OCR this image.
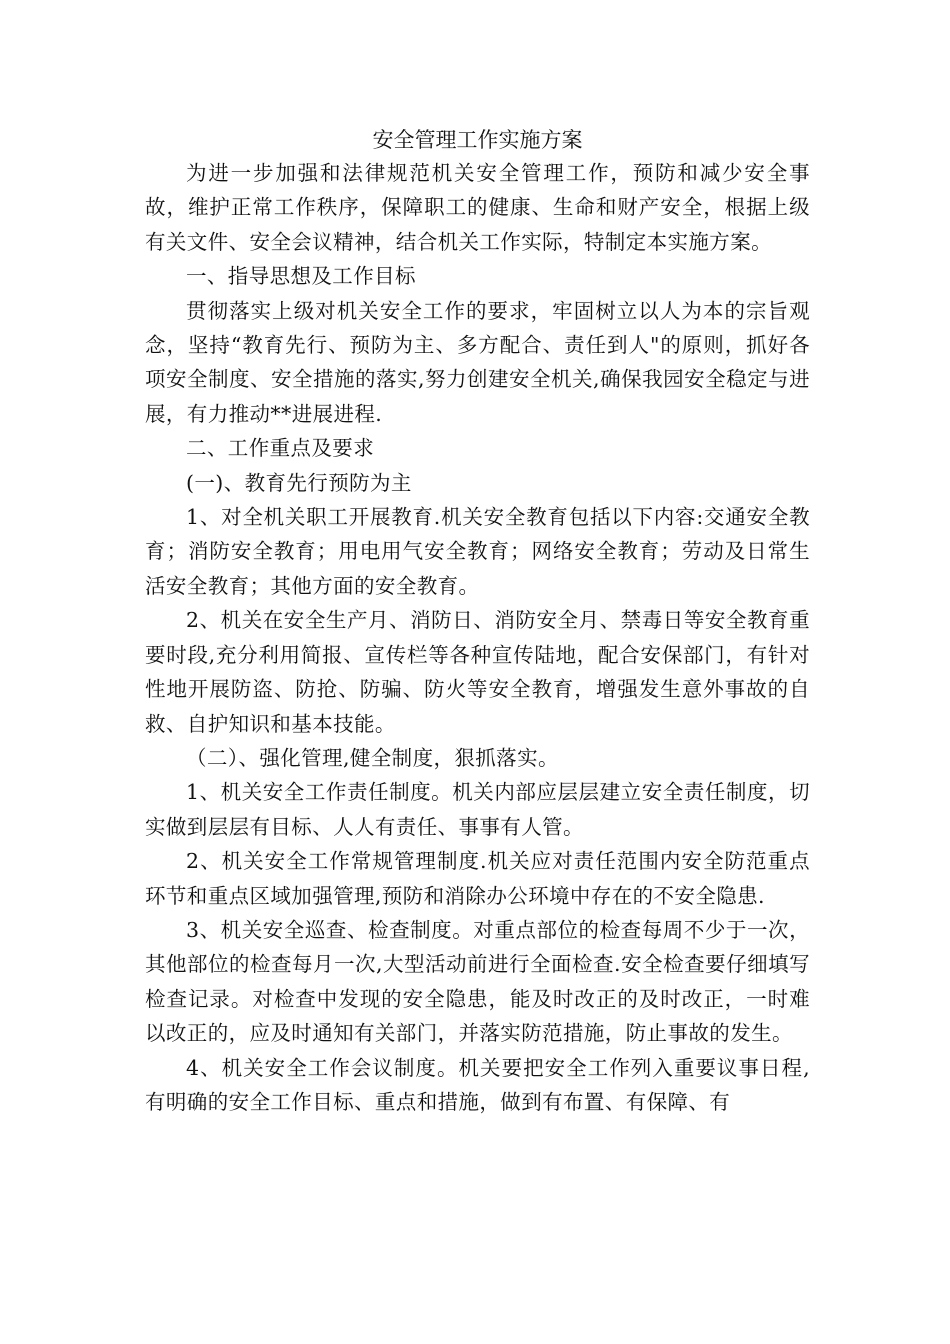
安全管理工作实施方案

为进一步加强和法律规范机关安全管理工作，预防和减少安全事故，维护正常工作秩序，保障职工的健康、生命和财产安全，根据上级有关文件、安全会议精神，结合机关工作实际，特制定本实施方案。

一、指导思想及工作目标

贯彻落实上级对机关安全工作的要求，牢固树立以人为本的宗旨观念，坚持“教育先行、预防为主、多方配合、责任到人"的原则，抓好各项安全制度、安全措施的落实,努力创建安全机关,确保我园安全稳定与进展，有力推动**进展进程.

二、工作重点及要求

(一)、教育先行预防为主

1、对全机关职工开展教育.机关安全教育包括以下内容:交通安全教育；消防安全教育；用电用气安全教育；网络安全教育；劳动及日常生活安全教育；其他方面的安全教育。

2、机关在安全生产月、消防日、消防安全月、禁毒日等安全教育重要时段,充分利用简报、宣传栏等各种宣传陆地，配合安保部门，有针对性地开展防盗、防抢、防骗、防火等安全教育，增强发生意外事故的自救、自护知识和基本技能。

（二）、强化管理,健全制度，狠抓落实。

1、机关安全工作责任制度。机关内部应层层建立安全责任制度，切实做到层层有目标、人人有责任、事事有人管。

2、机关安全工作常规管理制度.机关应对责任范围内安全防范重点环节和重点区域加强管理,预防和消除办公环境中存在的不安全隐患.

3、机关安全巡查、检查制度。对重点部位的检查每周不少于一次，其他部位的检查每月一次,大型活动前进行全面检查.安全检查要仔细填写检查记录。对检查中发现的安全隐患，能及时改正的及时改正，一时难以改正的，应及时通知有关部门，并落实防范措施，防止事故的发生。

4、机关安全工作会议制度。机关要把安全工作列入重要议事日程,有明确的安全工作目标、重点和措施，做到有布置、有保障、有
